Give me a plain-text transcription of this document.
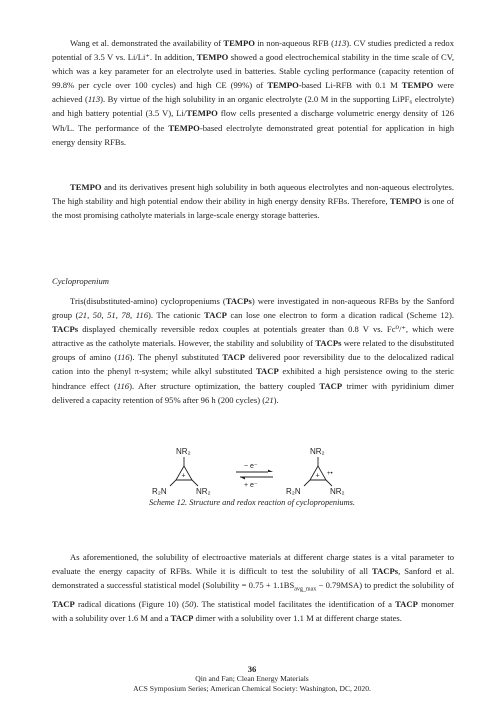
Wang et al. demonstrated the availability of TEMPO in non-aqueous RFB (113). CV studies predicted a redox potential of 3.5 V vs. Li/Li⁺. In addition, TEMPO showed a good electrochemical stability in the time scale of CV, which was a key parameter for an electrolyte used in batteries. Stable cycling performance (capacity retention of 99.8% per cycle over 100 cycles) and high CE (99%) of TEMPO-based Li-RFB with 0.1 M TEMPO were achieved (113). By virtue of the high solubility in an organic electrolyte (2.0 M in the supporting LiPF₆ electrolyte) and high battery potential (3.5 V), Li/TEMPO flow cells presented a discharge volumetric energy density of 126 Wh/L. The performance of the TEMPO-based electrolyte demonstrated great potential for application in high energy density RFBs.

TEMPO and its derivatives present high solubility in both aqueous electrolytes and non-aqueous electrolytes. The high stability and high potential endow their ability in high energy density RFBs. Therefore, TEMPO is one of the most promising catholyte materials in large-scale energy storage batteries.

Tris(disubstituted-amino) cyclopropeniums (TACPs) were investigated in non-aqueous RFBs by the Sanford group (21, 50, 51, 78, 116). The cationic TACP can lose one electron to form a dication radical (Scheme 12). TACPs displayed chemically reversible redox couples at potentials greater than 0.8 V vs. Fc⁰/⁺, which were attractive as the catholyte materials. However, the stability and solubility of TACPs were related to the disubstituted groups of amino (116). The phenyl substituted TACP delivered poor reversibility due to the delocalized radical cation into the phenyl π-system; while alkyl substituted TACP exhibited a high persistence owing to the steric hindrance effect (116). After structure optimization, the battery coupled TACP trimer with pyridinium dimer delivered a capacity retention of 95% after 96 h (200 cycles) (21).

As aforementioned, the solubility of electroactive materials at different charge states is a vital parameter to evaluate the energy capacity of RFBs. While it is difficult to test the solubility of all TACPs, Sanford et al. demonstrated a successful statistical model (Solubility = $0.75 + 1.1BS_{avg\_max} - 0.79MSA$) to predict the solubility of TACP radical dications (Figure 10) (50). The statistical model facilitates the identification of a TACP monomer with a solubility over 1.6 M and a TACP dimer with a solubility over 1.1 M at different charge states.

Cyclopropenium
NR₂
+
R₂N	NR₂
− e⁻
+ e⁻
NR₂
+ +•
R₂N	NR₂
Scheme 12. Structure and redox reaction of cyclopropeniums.
36
Qin and Fan; Clean Energy Materials
ACS Symposium Series; American Chemical Society: Washington, DC, 2020.
